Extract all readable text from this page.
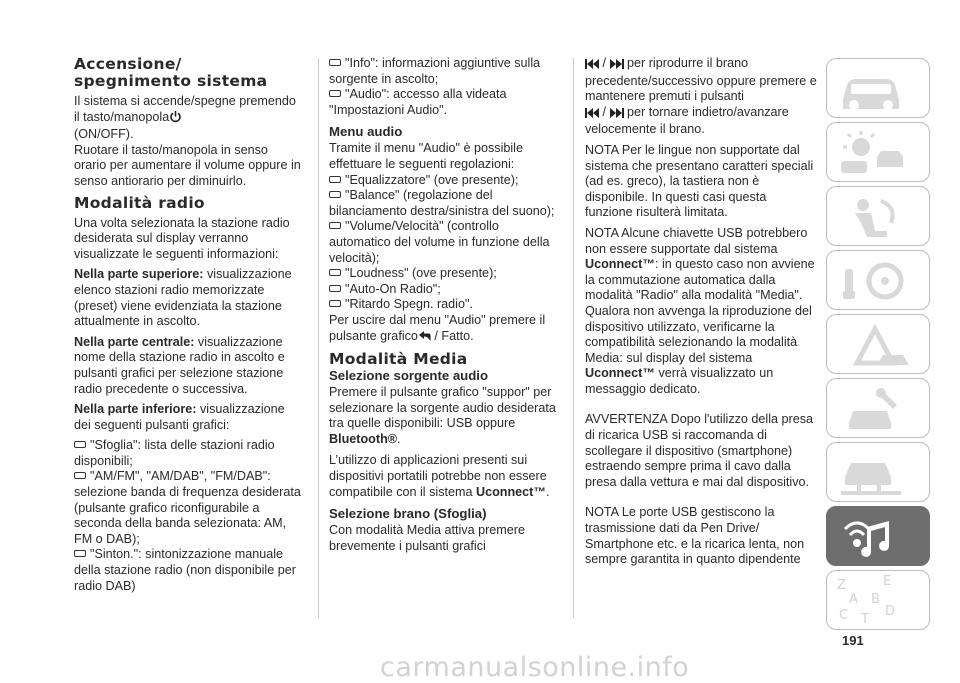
Accensione/
spegnimento sistema

Il sistema si accende/spegne premendo il tasto/manopola
(ON/OFF).

Ruotare il tasto/manopola in senso orario per aumentare il volume oppure in senso antiorario per diminuirlo.

Modalità radio

Una volta selezionata la stazione radio desiderata sul display verranno visualizzate le seguenti informazioni:

Nella parte superiore: visualizzazione elenco stazioni radio memorizzate (preset) viene evidenziata la stazione attualmente in ascolto.

Nella parte centrale: visualizzazione nome della stazione radio in ascolto e pulsanti grafici per selezione stazione radio precedente o successiva.

Nella parte inferiore: visualizzazione dei seguenti pulsanti grafici:

"Sfoglia": lista delle stazioni radio disponibili;
"AM/FM", "AM/DAB", "FM/DAB": selezione banda di frequenza desiderata (pulsante grafico riconfigurabile a seconda della banda selezionata: AM, FM o DAB);
"Sinton.": sintonizzazione manuale della stazione radio (non disponibile per radio DAB)
"Info": informazioni aggiuntive sulla sorgente in ascolto;
"Audio": accesso alla videata "Impostazioni Audio".
Menu audio

Tramite il menu "Audio" è possibile effettuare le seguenti regolazioni:

"Equalizzatore" (ove presente);
"Balance" (regolazione del bilanciamento destra/sinistra del suono);
"Volume/Velocità" (controllo automatico del volume in funzione della velocità);
"Loudness" (ove presente);
"Auto-On Radio";
"Ritardo Spegn. radio".

Per uscire dal menu "Audio" premere il pulsante grafico / Fatto.

Modalità Media
Selezione sorgente audio

Premere il pulsante grafico "suppor" per selezionare la sorgente audio desiderata tra quelle disponibili: USB oppure Bluetooth®.

L’utilizzo di applicazioni presenti sui dispositivi portatili potrebbe non essere compatibile con il sistema Uconnect™.

Selezione brano (Sfoglia)

Con modalità Media attiva premere brevemente i pulsanti grafici

/ per riprodurre il brano precedente/successivo oppure premere e mantenere premuti i pulsanti
/ per tornare indietro/avanzare velocemente il brano.

NOTA Per le lingue non supportate dal sistema che presentano caratteri speciali (ad es. greco), la tastiera non è disponibile. In questi casi questa funzione risulterà limitata.

NOTA Alcune chiavette USB potrebbero non essere supportate dal sistema Uconnect™: in questo caso non avviene la commutazione automatica dalla modalità "Radio" alla modalità "Media". Qualora non avvenga la riproduzione del dispositivo utilizzato, verificarne la compatibilità selezionando la modalità Media: sul display del sistema Uconnect™ verrà visualizzato un messaggio dedicato.

AVVERTENZA Dopo l'utilizzo della presa di ricarica USB si raccomanda di scollegare il dispositivo (smartphone) estraendo sempre prima il cavo dalla presa dalla vettura e mai dal dispositivo.

NOTA Le porte USB gestiscono la trasmissione dati da Pen Drive/ Smartphone etc. e la ricarica lenta, non sempre garantita in quanto dipendente

Z	E
A B
C T
D
191
carmanualsonline.info
